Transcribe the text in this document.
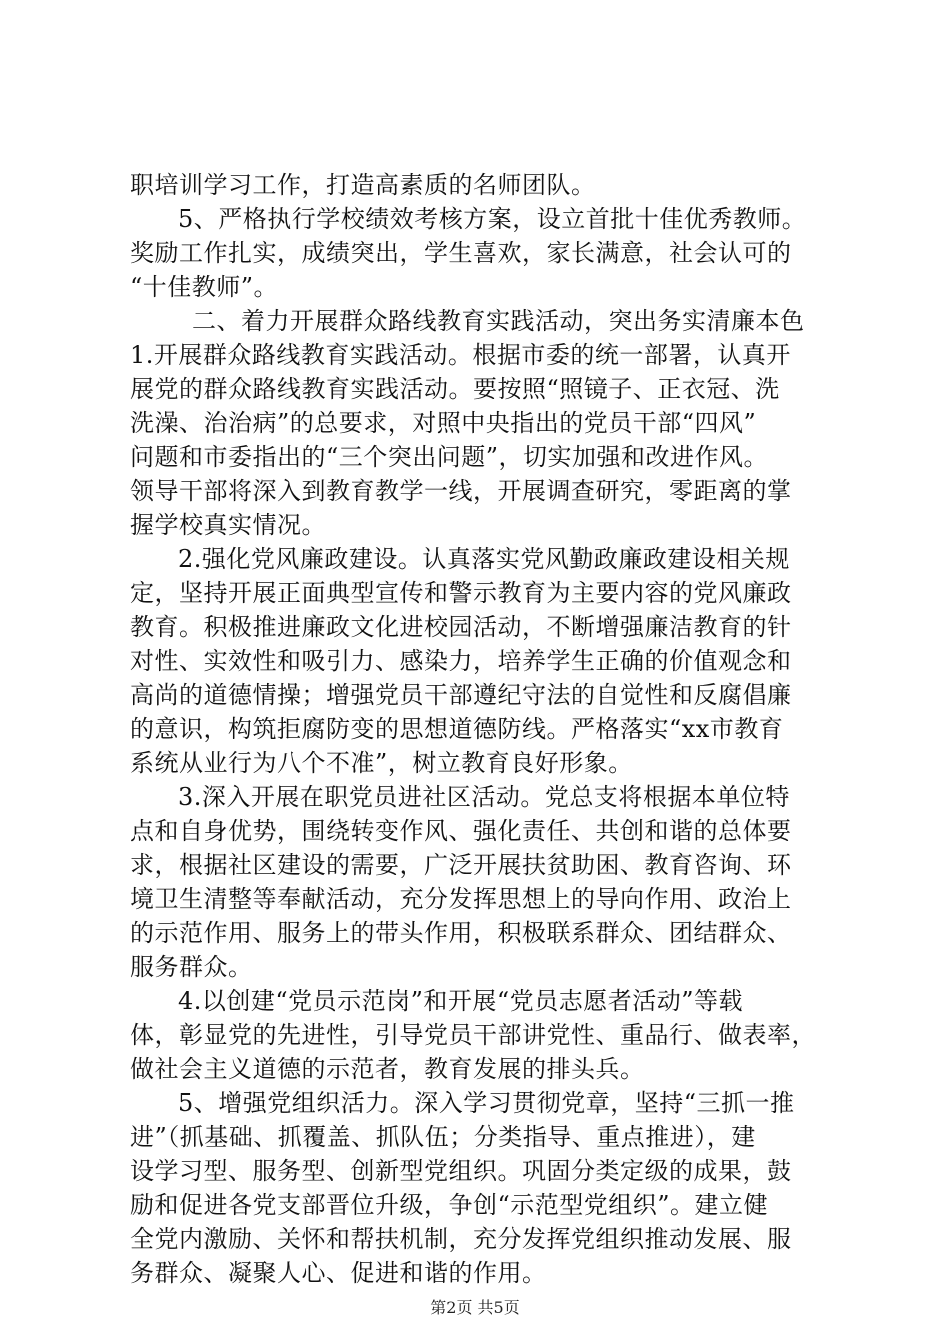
职培训学习工作，打造高素质的名师团队。
5、严格执行学校绩效考核方案，设立首批十佳优秀教师。
奖励工作扎实，成绩突出，学生喜欢，家长满意，社会认可的
“十佳教师”。
二、着力开展群众路线教育实践活动，突出务实清廉本色
1.开展群众路线教育实践活动。根据市委的统一部署，认真开
展党的群众路线教育实践活动。要按照“照镜子、正衣冠、洗
洗澡、治治病”的总要求，对照中央指出的党员干部“四风”
问题和市委指出的“三个突出问题”，切实加强和改进作风。
领导干部将深入到教育教学一线，开展调查研究，零距离的掌
握学校真实情况。
2.强化党风廉政建设。认真落实党风勤政廉政建设相关规
定，坚持开展正面典型宣传和警示教育为主要内容的党风廉政
教育。积极推进廉政文化进校园活动，不断增强廉洁教育的针
对性、实效性和吸引力、感染力，培养学生正确的价值观念和
高尚的道德情操；增强党员干部遵纪守法的自觉性和反腐倡廉
的意识，构筑拒腐防变的思想道德防线。严格落实“xx市教育
系统从业行为八个不准”，树立教育良好形象。
3.深入开展在职党员进社区活动。党总支将根据本单位特
点和自身优势，围绕转变作风、强化责任、共创和谐的总体要
求，根据社区建设的需要，广泛开展扶贫助困、教育咨询、环
境卫生清整等奉献活动，充分发挥思想上的导向作用、政治上
的示范作用、服务上的带头作用，积极联系群众、团结群众、
服务群众。
4.以创建“党员示范岗”和开展“党员志愿者活动”等载
体，彰显党的先进性，引导党员干部讲党性、重品行、做表率，
做社会主义道德的示范者，教育发展的排头兵。
5、增强党组织活力。深入学习贯彻党章，坚持“三抓一推
进”（抓基础、抓覆盖、抓队伍；分类指导、重点推进），建
设学习型、服务型、创新型党组织。巩固分类定级的成果，鼓
励和促进各党支部晋位升级，争创“示范型党组织”。建立健
全党内激励、关怀和帮扶机制，充分发挥党组织推动发展、服
务群众、凝聚人心、促进和谐的作用。
第2页 共5页
